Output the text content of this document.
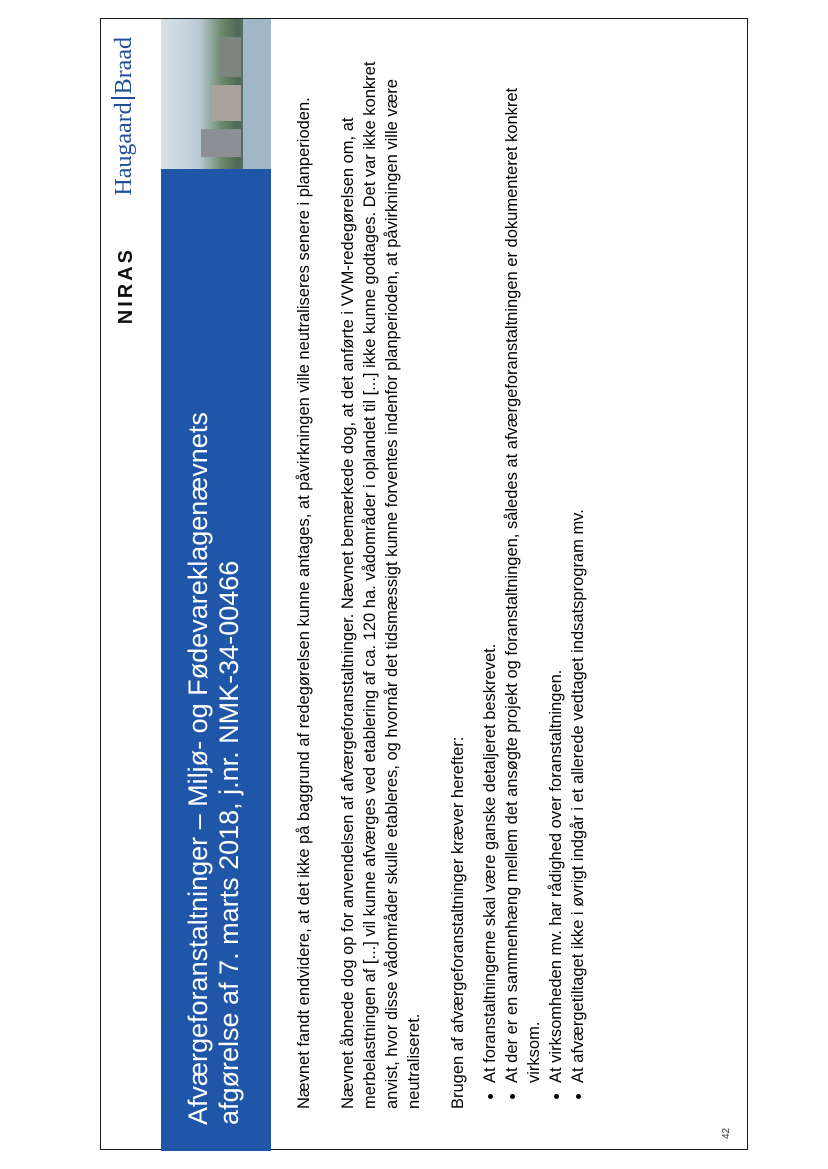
NIRAS
HaugaardBraad
Afværgeforanstaltninger – Miljø- og Fødevareklagenævnets afgørelse af 7. marts 2018, j.nr. NMK-34-00466	Nævnet fandt endvidere, at det ikke på baggrund af redegørelsen kunne antages, at påvirkningen ville neutraliseres senere i planperioden. Nævnet åbnede dog op for anvendelsen af afværgeforanstaltninger. Nævnet bemærkede dog, at det anførte i VVM-redegørelsen om, at merbelastningen af [...] vil kunne afværges ved etablering af ca. 120 ha. vådområder i oplandet til [...] ikke kunne godtages. Det var ikke konkret anvist, hvor disse vådområder skulle etableres, og hvornår det tidsmæssigt kunne forventes indenfor planperioden, at påvirkningen ville være neutraliseret. Brugen af afværgeforanstaltninger kræver herefter: • At foranstaltningerne skal være ganske detaljeret beskrevet. • At der er en sammenhæng mellem det ansøgte projekt og foranstaltningen, således at afværgeforanstaltningen er dokumenteret konkret virksom. • At virksomheden mv. har rådighed over foranstaltningen. • At afværgetiltaget ikke i øvrigt indgår i et allerede vedtaget indsatsprogram mv.
42
